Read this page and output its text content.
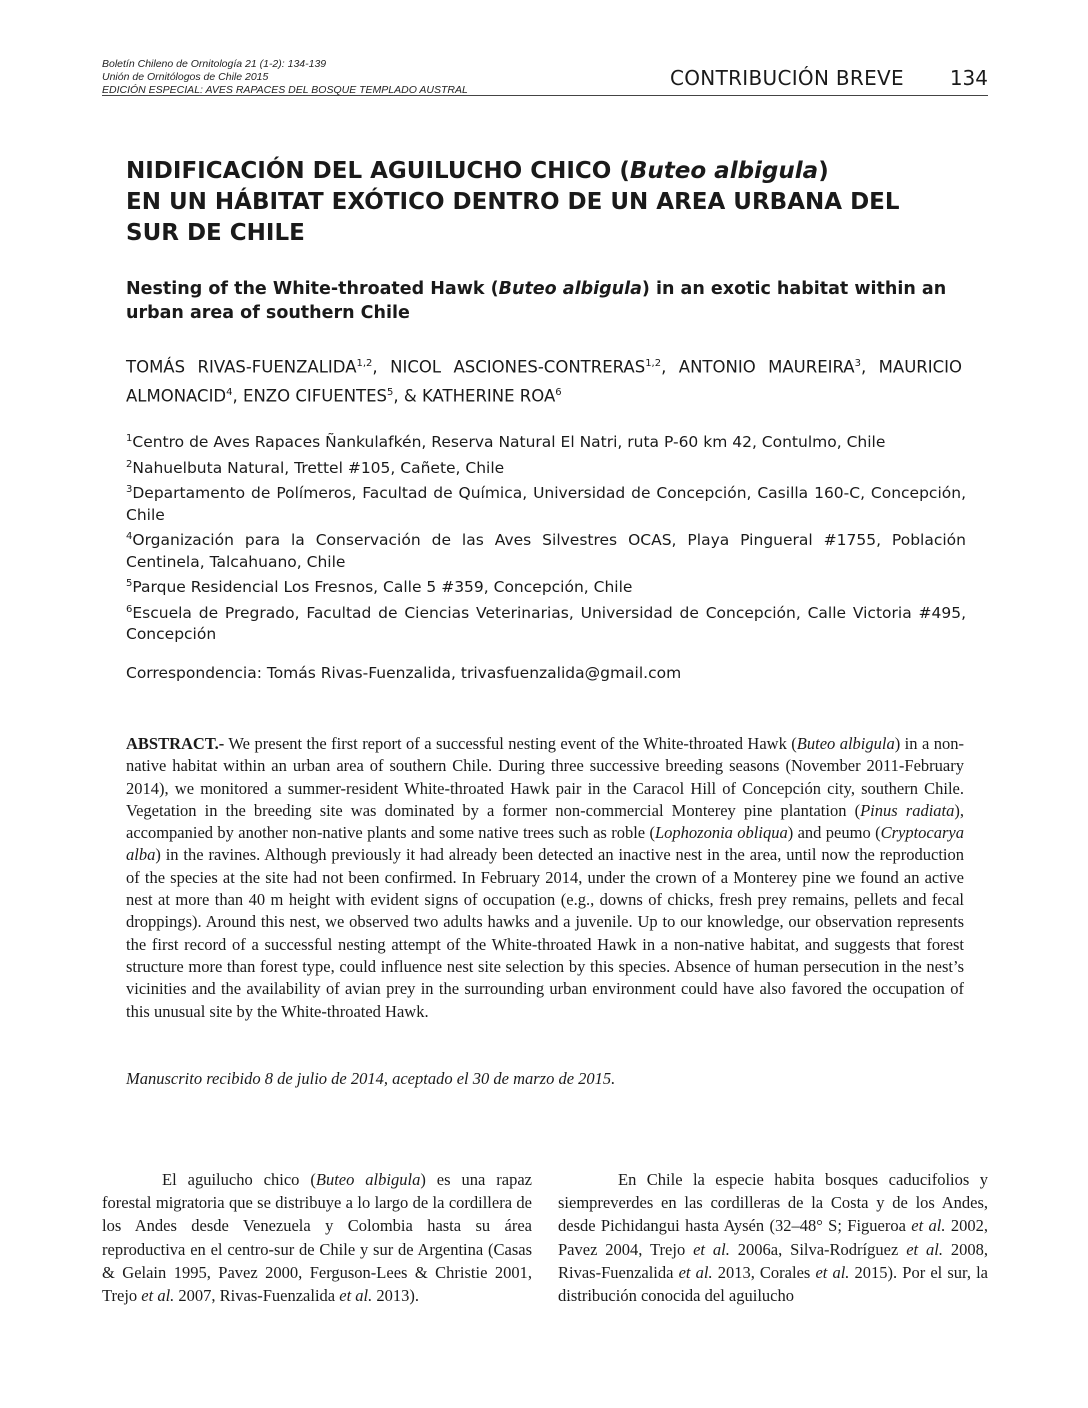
Boletín Chileno de Ornitología 21 (1-2): 134-139
Unión de Ornitólogos de Chile 2015
EDICIÓN ESPECIAL: AVES RAPACES DEL BOSQUE TEMPLADO AUSTRAL	CONTRIBUCIÓN BREVE 134
NIDIFICACIÓN DEL AGUILUCHO CHICO (Buteo albigula)
EN UN HÁBITAT EXÓTICO DENTRO DE UN AREA URBANA DEL
SUR DE CHILE
Nesting of the White-throated Hawk (Buteo albigula) in an exotic habitat within an urban area of southern Chile
TOMÁS RIVAS-FUENZALIDA$^{1,2}$, NICOL ASCIONES-CONTRERAS$^{1,2}$, ANTONIO MAUREIRA$^3$, MAURICIO ALMONACID$^4$, ENZO CIFUENTES$^5$, & KATHERINE ROA$^6$
$^1$Centro de Aves Rapaces Ñankulafkén, Reserva Natural El Natri, ruta P-60 km 42, Contulmo, Chile
$^2$Nahuelbuta Natural, Trettel #105, Cañete, Chile
$^3$Departamento de Polímeros, Facultad de Química, Universidad de Concepción, Casilla 160-C, Concepción, Chile
$^4$Organización para la Conservación de las Aves Silvestres OCAS, Playa Pingueral #1755, Población Centinela, Talcahuano, Chile
$^5$Parque Residencial Los Fresnos, Calle 5 #359, Concepción, Chile
$^6$Escuela de Pregrado, Facultad de Ciencias Veterinarias, Universidad de Concepción, Calle Victoria #495, Concepción
Correspondencia: Tomás Rivas-Fuenzalida, trivasfuenzalida@gmail.com
ABSTRACT.- We present the first report of a successful nesting event of the White-throated Hawk (Buteo albigula) in a non-native habitat within an urban area of southern Chile. During three successive breeding seasons (November 2011-February 2014), we monitored a summer-resident White-throated Hawk pair in the Caracol Hill of Concepción city, southern Chile. Vegetation in the breeding site was dominated by a former non-commercial Monterey pine plantation (Pinus radiata), accompanied by another non-native plants and some native trees such as roble (Lophozonia obliqua) and peumo (Cryptocarya alba) in the ravines. Although previously it had already been detected an inactive nest in the area, until now the reproduction of the species at the site had not been confirmed. In February 2014, under the crown of a Monterey pine we found an active nest at more than 40 m height with evident signs of occupation (e.g., downs of chicks, fresh prey remains, pellets and fecal droppings). Around this nest, we observed two adults hawks and a juvenile. Up to our knowledge, our observation represents the first record of a successful nesting attempt of the White-throated Hawk in a non-native habitat, and suggests that forest structure more than forest type, could influence nest site selection by this species. Absence of human persecution in the nest’s vicinities and the availability of avian prey in the surrounding urban environment could have also favored the occupation of this unusual site by the White-throated Hawk.
Manuscrito recibido 8 de julio de 2014, aceptado el 30 de marzo de 2015.

El aguilucho chico (Buteo albigula) es una rapaz forestal migratoria que se distribuye a lo largo de la cordillera de los Andes desde Venezuela y Colombia hasta su área reproductiva en el centro-sur de Chile y sur de Argentina (Casas & Gelain 1995, Pavez 2000, Ferguson-Lees & Christie 2001, Trejo et al. 2007, Rivas-Fuenzalida et al. 2013).

En Chile la especie habita bosques caducifolios y siempreverdes en las cordilleras de la Costa y de los Andes, desde Pichidangui hasta Aysén (32–48° S; Figueroa et al. 2002, Pavez 2004, Trejo et al. 2006a, Silva-Rodríguez et al. 2008, Rivas-Fuenzalida et al. 2013, Corales et al. 2015). Por el sur, la distribución conocida del aguilucho
